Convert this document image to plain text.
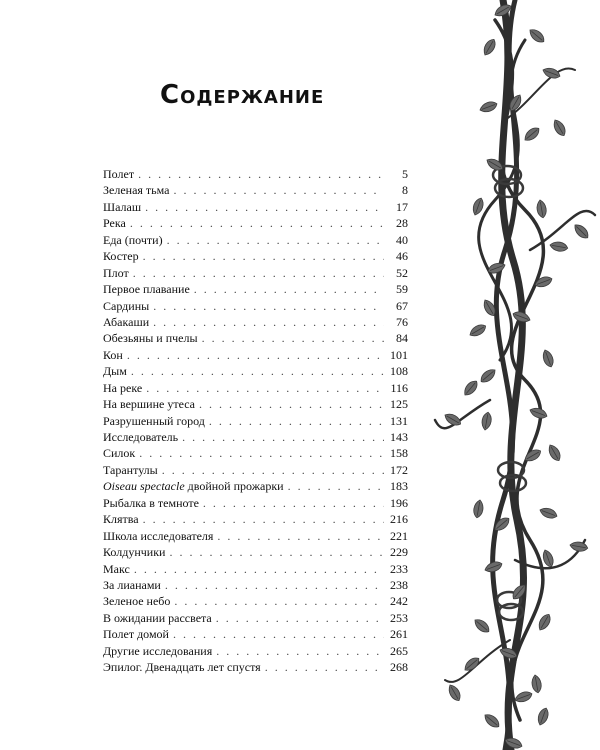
Содержание
Полет . . .	5
Зеленая тьма . . .	8
Шалаш . . .	17
Река . . .	28
Еда (почти) . . .	40
Костер . . .	46
Плот . . .	52
Первое плавание . . .	59
Сардины . . .	67
Абакаши . . .	76
Обезьяны и пчелы . . .	84
Кон . . .	101
Дым . . .	108
На реке . . .	116
На вершине утеса . . .	125
Разрушенный город . . .	131
Исследователь . . .	143
Силок . . .	158
Тарантулы . . .	172
Oiseau spectacle двойной прожарки . . .	183
Рыбалка в темноте . . .	196
Клятва . . .	216
Школа исследователя . . .	221
Колдунчики . . .	229
Макс . . .	233
За лианами . . .	238
Зеленое небо . . .	242
В ожидании рассвета . . .	253
Полет домой . . .	261
Другие исследования . . .	265
Эпилог. Двенадцать лет спустя . . .	268
